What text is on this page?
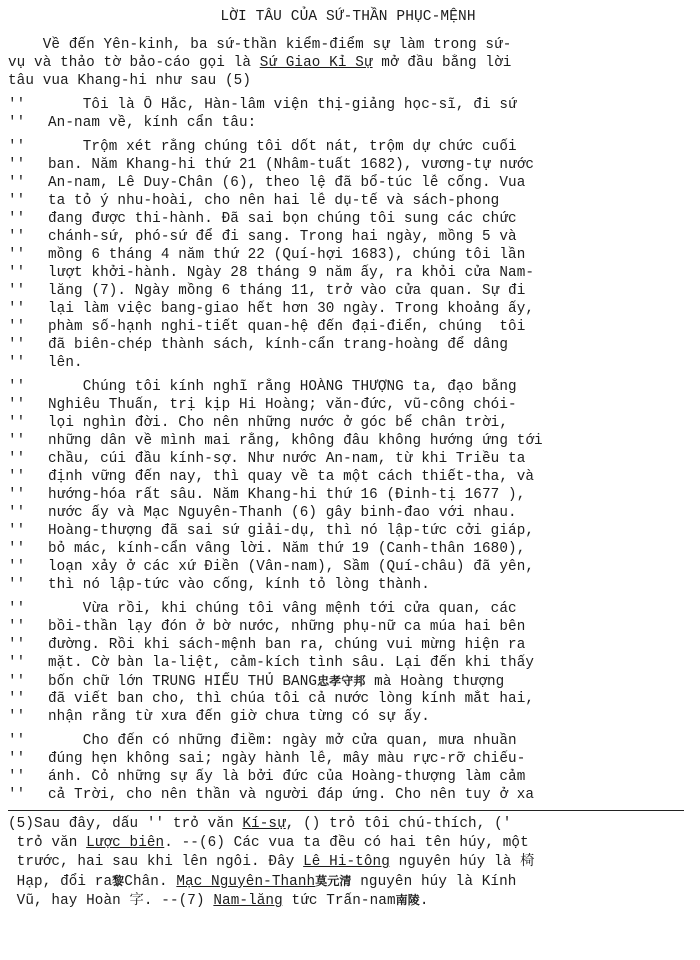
LỜI TÂU CỦA SỨ-THẦN PHỤC-MỆNH
Về đến Yên-kinh, ba sứ-thần kiểm-điểm sự làm trong sứ-
vụ và thảo tờ bảo-cáo gọi là Sứ Giao Kỉ Sự mở đầu bằng lời
tâu vua Khang-hi như sau (5)
''    Tôi là Ô Hắc, Hàn-lâm viện thị-giảng học-sĩ, đi sứ
'' An-nam về, kính cẩn tâu:
''    Trộm xét rằng chúng tôi dốt nát, trộm dự chức cuối
'' ban. Năm Khang-hi thứ 21 (Nhâm-tuất 1682), vương-tự nước
'' An-nam, Lê Duy-Chân (6), theo lệ đã bổ-túc lễ cống. Vua
'' ta tỏ ý nhu-hoài, cho nên hai lễ dụ-tế và sách-phong
'' đang được thi-hành. Đã sai bọn chúng tôi sung các chức
'' chánh-sứ, phó-sứ để đi sang. Trong hai ngày, mồng 5 và
'' mồng 6 tháng 4 năm thứ 22 (Quí-hợi 1683), chúng tôi lần
'' lượt khởi-hành. Ngày 28 tháng 9 năm ấy, ra khỏi cửa Nam-
'' lăng (7). Ngày mồng 6 tháng 11, trở vào cửa quan. Sự đi
'' lại làm việc bang-giao hết hơn 30 ngày. Trong khoảng ấy,
'' phàm số-hạnh nghi-tiết quan-hệ đến đại-điển, chúng  tôi
'' đã biên-chép thành sách, kính-cẩn trang-hoàng để dâng
'' lên.
''    Chúng tôi kính nghĩ rằng HOÀNG THƯỢNG ta, đạo bằng
'' Nghiêu Thuấn, trị kịp Hi Hoàng; văn-đức, vũ-công chói-
'' lọi nghìn đời. Cho nên những nước ở góc bể chân trời,
'' những dân về mình mai rằng, không đâu không hướng ứng tới
'' chầu, cúi đầu kính-sợ. Như nước An-nam, từ khi Triều ta
'' định vững đến nay, thì quay về ta một cách thiết-tha, và
'' hướng-hóa rất sâu. Năm Khang-hi thứ 16 (Đinh-tị 1677 ),
'' nước ấy và Mạc Nguyên-Thanh (6) gây binh-đao với nhau.
'' Hoàng-thượng đã sai sứ giải-dụ, thì nó lập-tức cởi giáp,
'' bỏ mác, kính-cẩn vâng lời. Năm thứ 19 (Canh-thân 1680),
'' loạn xảy ở các xứ Điền (Vân-nam), Sầm (Quí-châu) đã yên,
'' thì nó lập-tức vào cống, kính tỏ lòng thành.
''    Vừa rồi, khi chúng tôi vâng mệnh tới cửa quan, các
'' bồi-thần lạy đón ở bờ nước, những phụ-nữ ca múa hai bên
'' đường. Rồi khi sách-mệnh ban ra, chúng vui mừng hiện ra
'' mặt. Cờ bàn la-liệt, cảm-kích tình sâu. Lại đến khi thấy
'' bốn chữ lớn TRUNG HIẾU THỦ BANG忠孝守邦 mà Hoàng thượng
'' đã viết ban cho, thì chúa tôi cả nước lòng kính mắt hai,
'' nhận rằng từ xưa đến giờ chưa từng có sự ấy.
''    Cho đến có những điềm: ngày mở cửa quan, mưa nhuần
'' đúng hẹn không sai; ngày hành lễ, mây màu rực-rỡ chiếu-
'' ánh. Cỏ những sự ấy là bởi đức của Hoàng-thượng làm cảm
'' cả Trời, cho nên thần và người đáp ứng. Cho nên tuy ở xa
(5)Sau đây, dấu '' trỏ văn Kí-sự, () trỏ tôi chú-thích, ('
trỏ văn Lược biên. --(6) Các vua ta đều có hai tên húy, một
trước, hai sau khi lên ngôi. Đây Lê Hi-tông nguyên húy là 椅
Hạp, đổi ra黎Chân. Mạc Nguyên-Thanh莫元清 nguyên húy là Kính
Vũ, hay Hoàn 字. --(7) Nam-lăng tức Trấn-nam南陵.
